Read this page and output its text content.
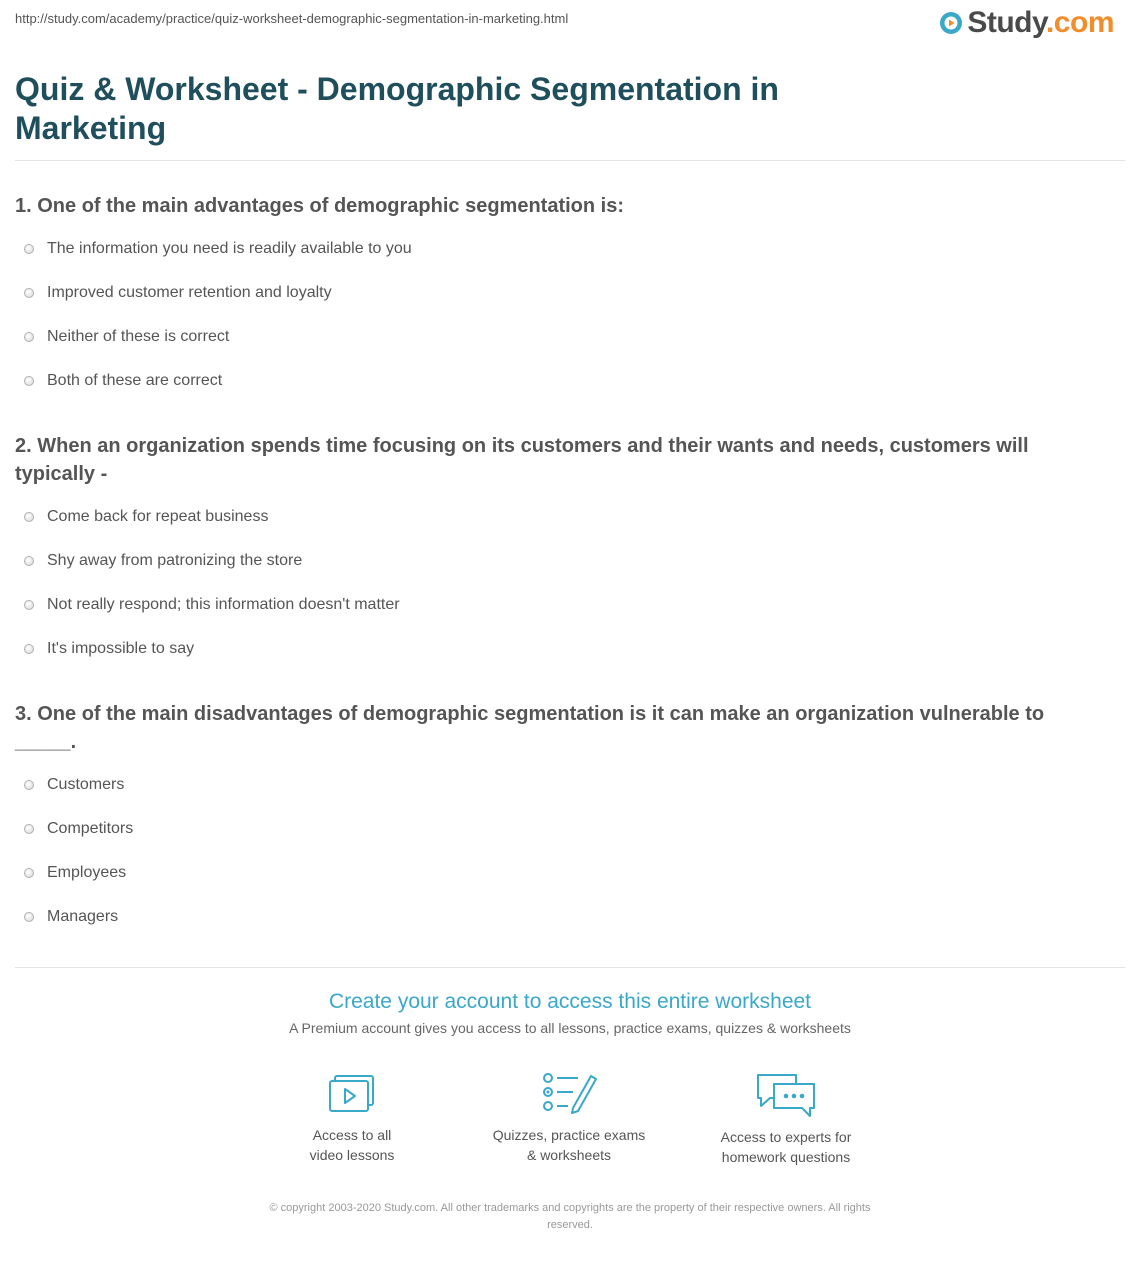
http://study.com/academy/practice/quiz-worksheet-demographic-segmentation-in-marketing.html	Study.com
Quiz & Worksheet - Demographic Segmentation in Marketing
1. One of the main advantages of demographic segmentation is:
The information you need is readily available to you
Improved customer retention and loyalty
Neither of these is correct
Both of these are correct
2. When an organization spends time focusing on its customers and their wants and needs, customers will typically -
Come back for repeat business
Shy away from patronizing the store
Not really respond; this information doesn't matter
It's impossible to say
3. One of the main disadvantages of demographic segmentation is it can make an organization vulnerable to _____.
Customers
Competitors
Employees
Managers
Create your account to access this entire worksheet
A Premium account gives you access to all lessons, practice exams, quizzes & worksheets
Access to all
video lessons
Quizzes, practice exams
& worksheets
Access to experts for
homework questions
© copyright 2003-2020 Study.com. All other trademarks and copyrights are the property of their respective owners. All rights
reserved.
